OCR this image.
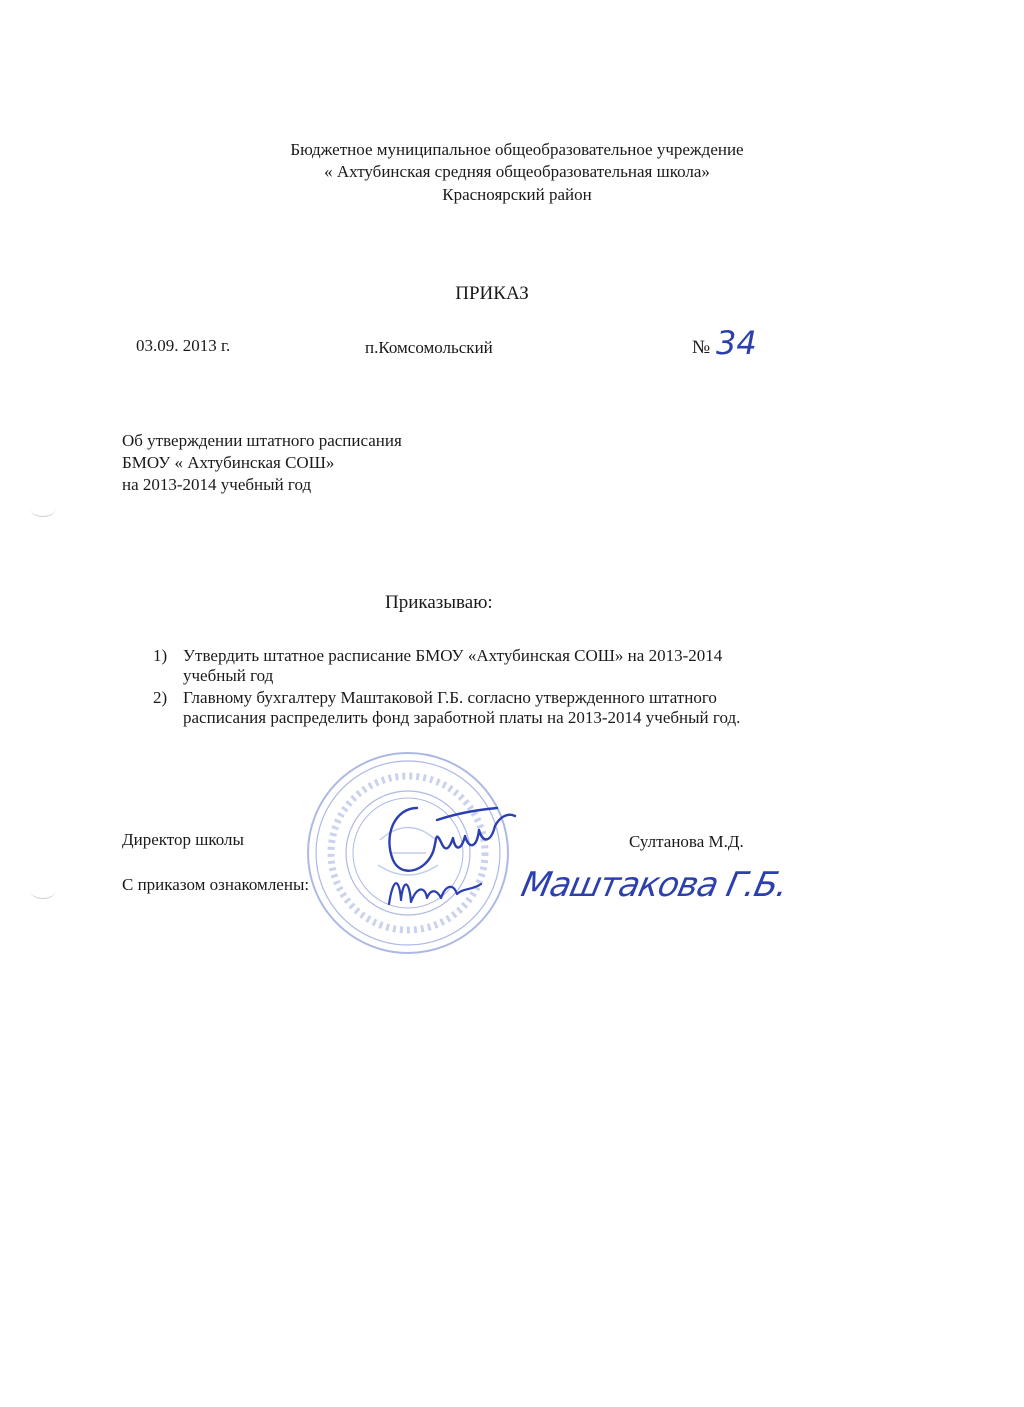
Бюджетное муниципальное общеобразовательное учреждение
« Ахтубинская средняя общеобразовательная школа»
Красноярский район
ПРИКАЗ
03.09. 2013 г.	п.Комсомольский	№ 34
Об утверждении штатного расписания
БМОУ « Ахтубинская СОШ»
на 2013-2014 учебный год
Приказываю:
1) Утвердить штатное расписание БМОУ «Ахтубинская СОШ» на 2013-2014
учебный год
2) Главному бухгалтеру Маштаковой Г.Б. согласно утвержденного штатного
расписания распределить фонд заработной платы на 2013-2014 учебный год.
Директор школы	Султанова М.Д.
С приказом ознакомлены:	Маштакова Г.Б.
